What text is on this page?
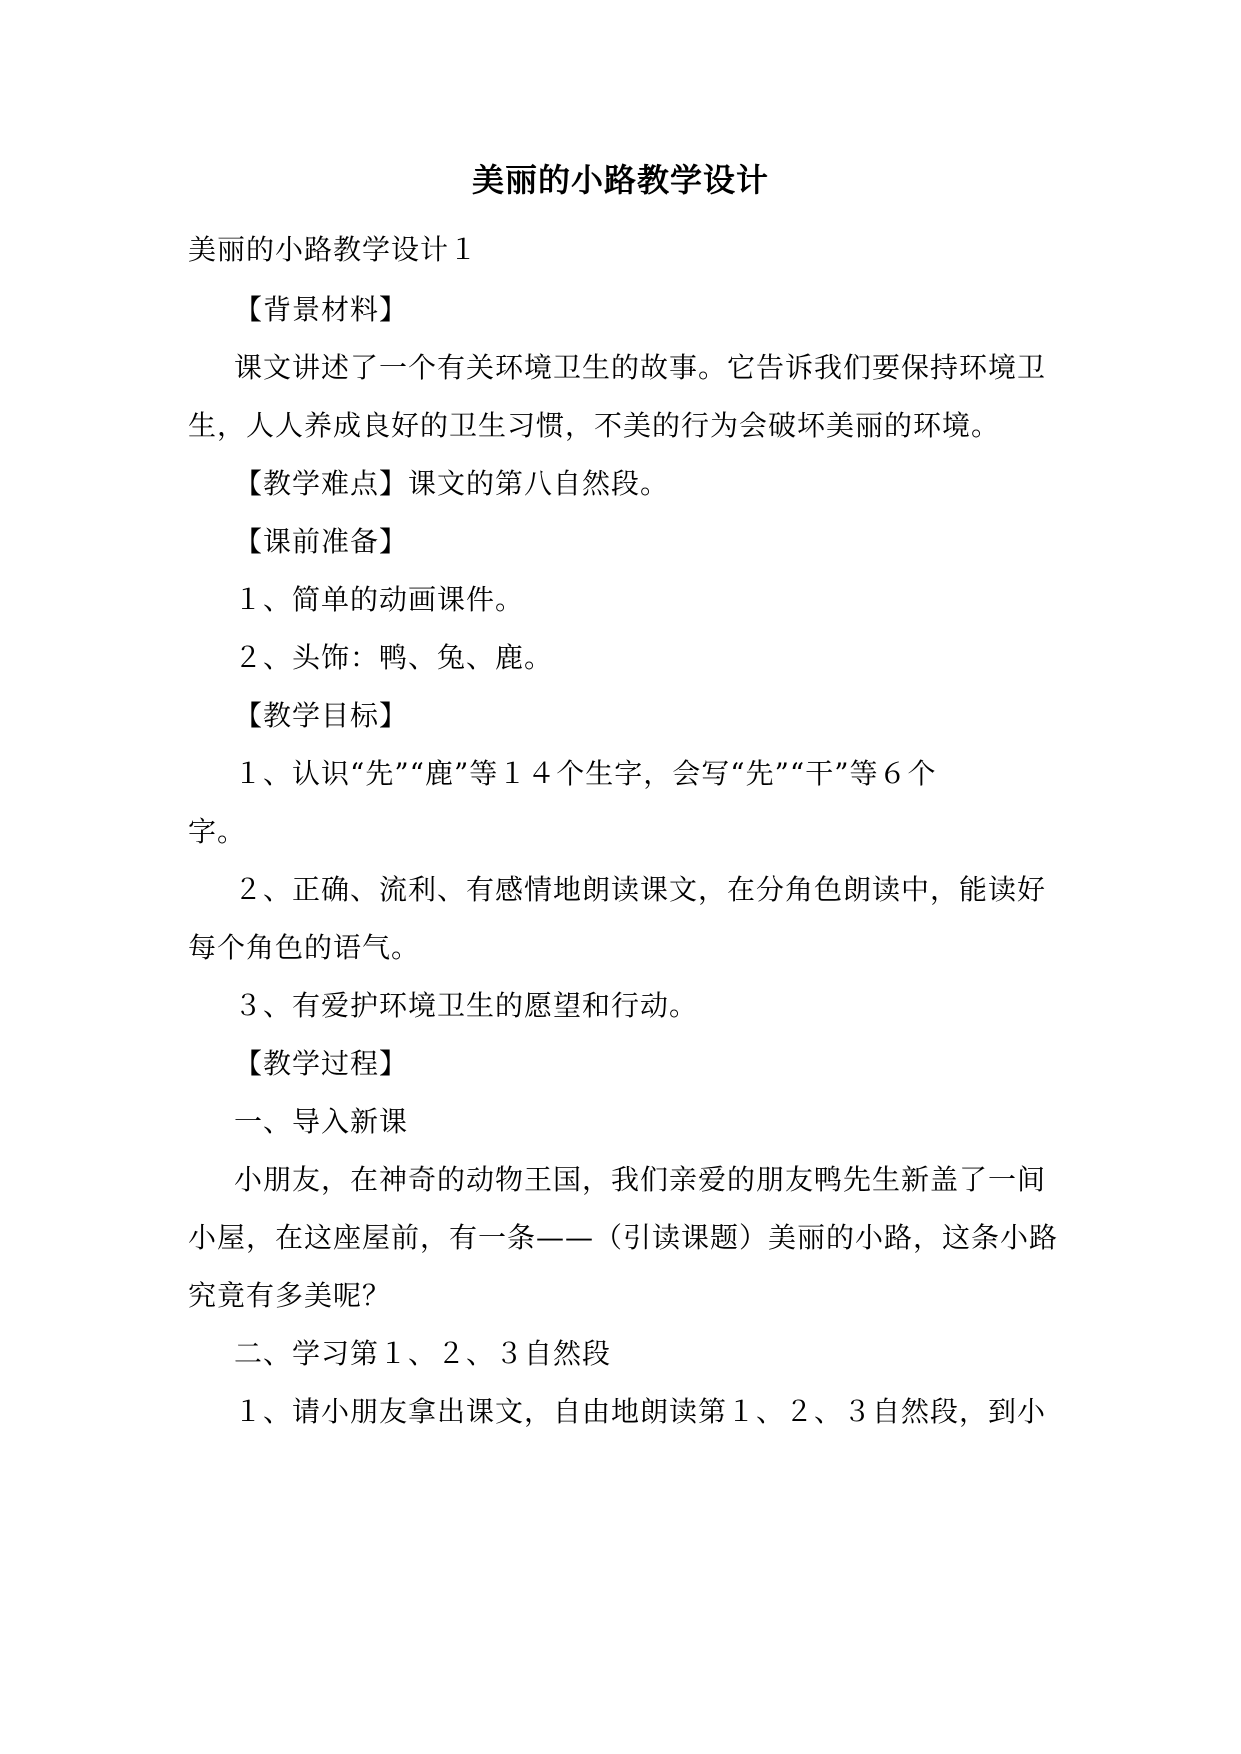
美丽的小路教学设计
美丽的小路教学设计１
【背景材料】
课文讲述了一个有关环境卫生的故事。它告诉我们要保持环境卫
生，人人养成良好的卫生习惯，不美的行为会破坏美丽的环境。
【教学难点】课文的第八自然段。
【课前准备】
１、简单的动画课件。
２、头饰：鸭、兔、鹿。
【教学目标】
１、认识“先”“鹿”等１４个生字，会写“先”“干”等６个
字。
２、正确、流利、有感情地朗读课文，在分角色朗读中，能读好
每个角色的语气。
３、有爱护环境卫生的愿望和行动。
【教学过程】
一、导入新课
小朋友，在神奇的动物王国，我们亲爱的朋友鸭先生新盖了一间
小屋，在这座屋前，有一条——（引读课题）美丽的小路，这条小路
究竟有多美呢？
二、学习第１、２、３自然段
１、请小朋友拿出课文，自由地朗读第１、２、３自然段，到小
